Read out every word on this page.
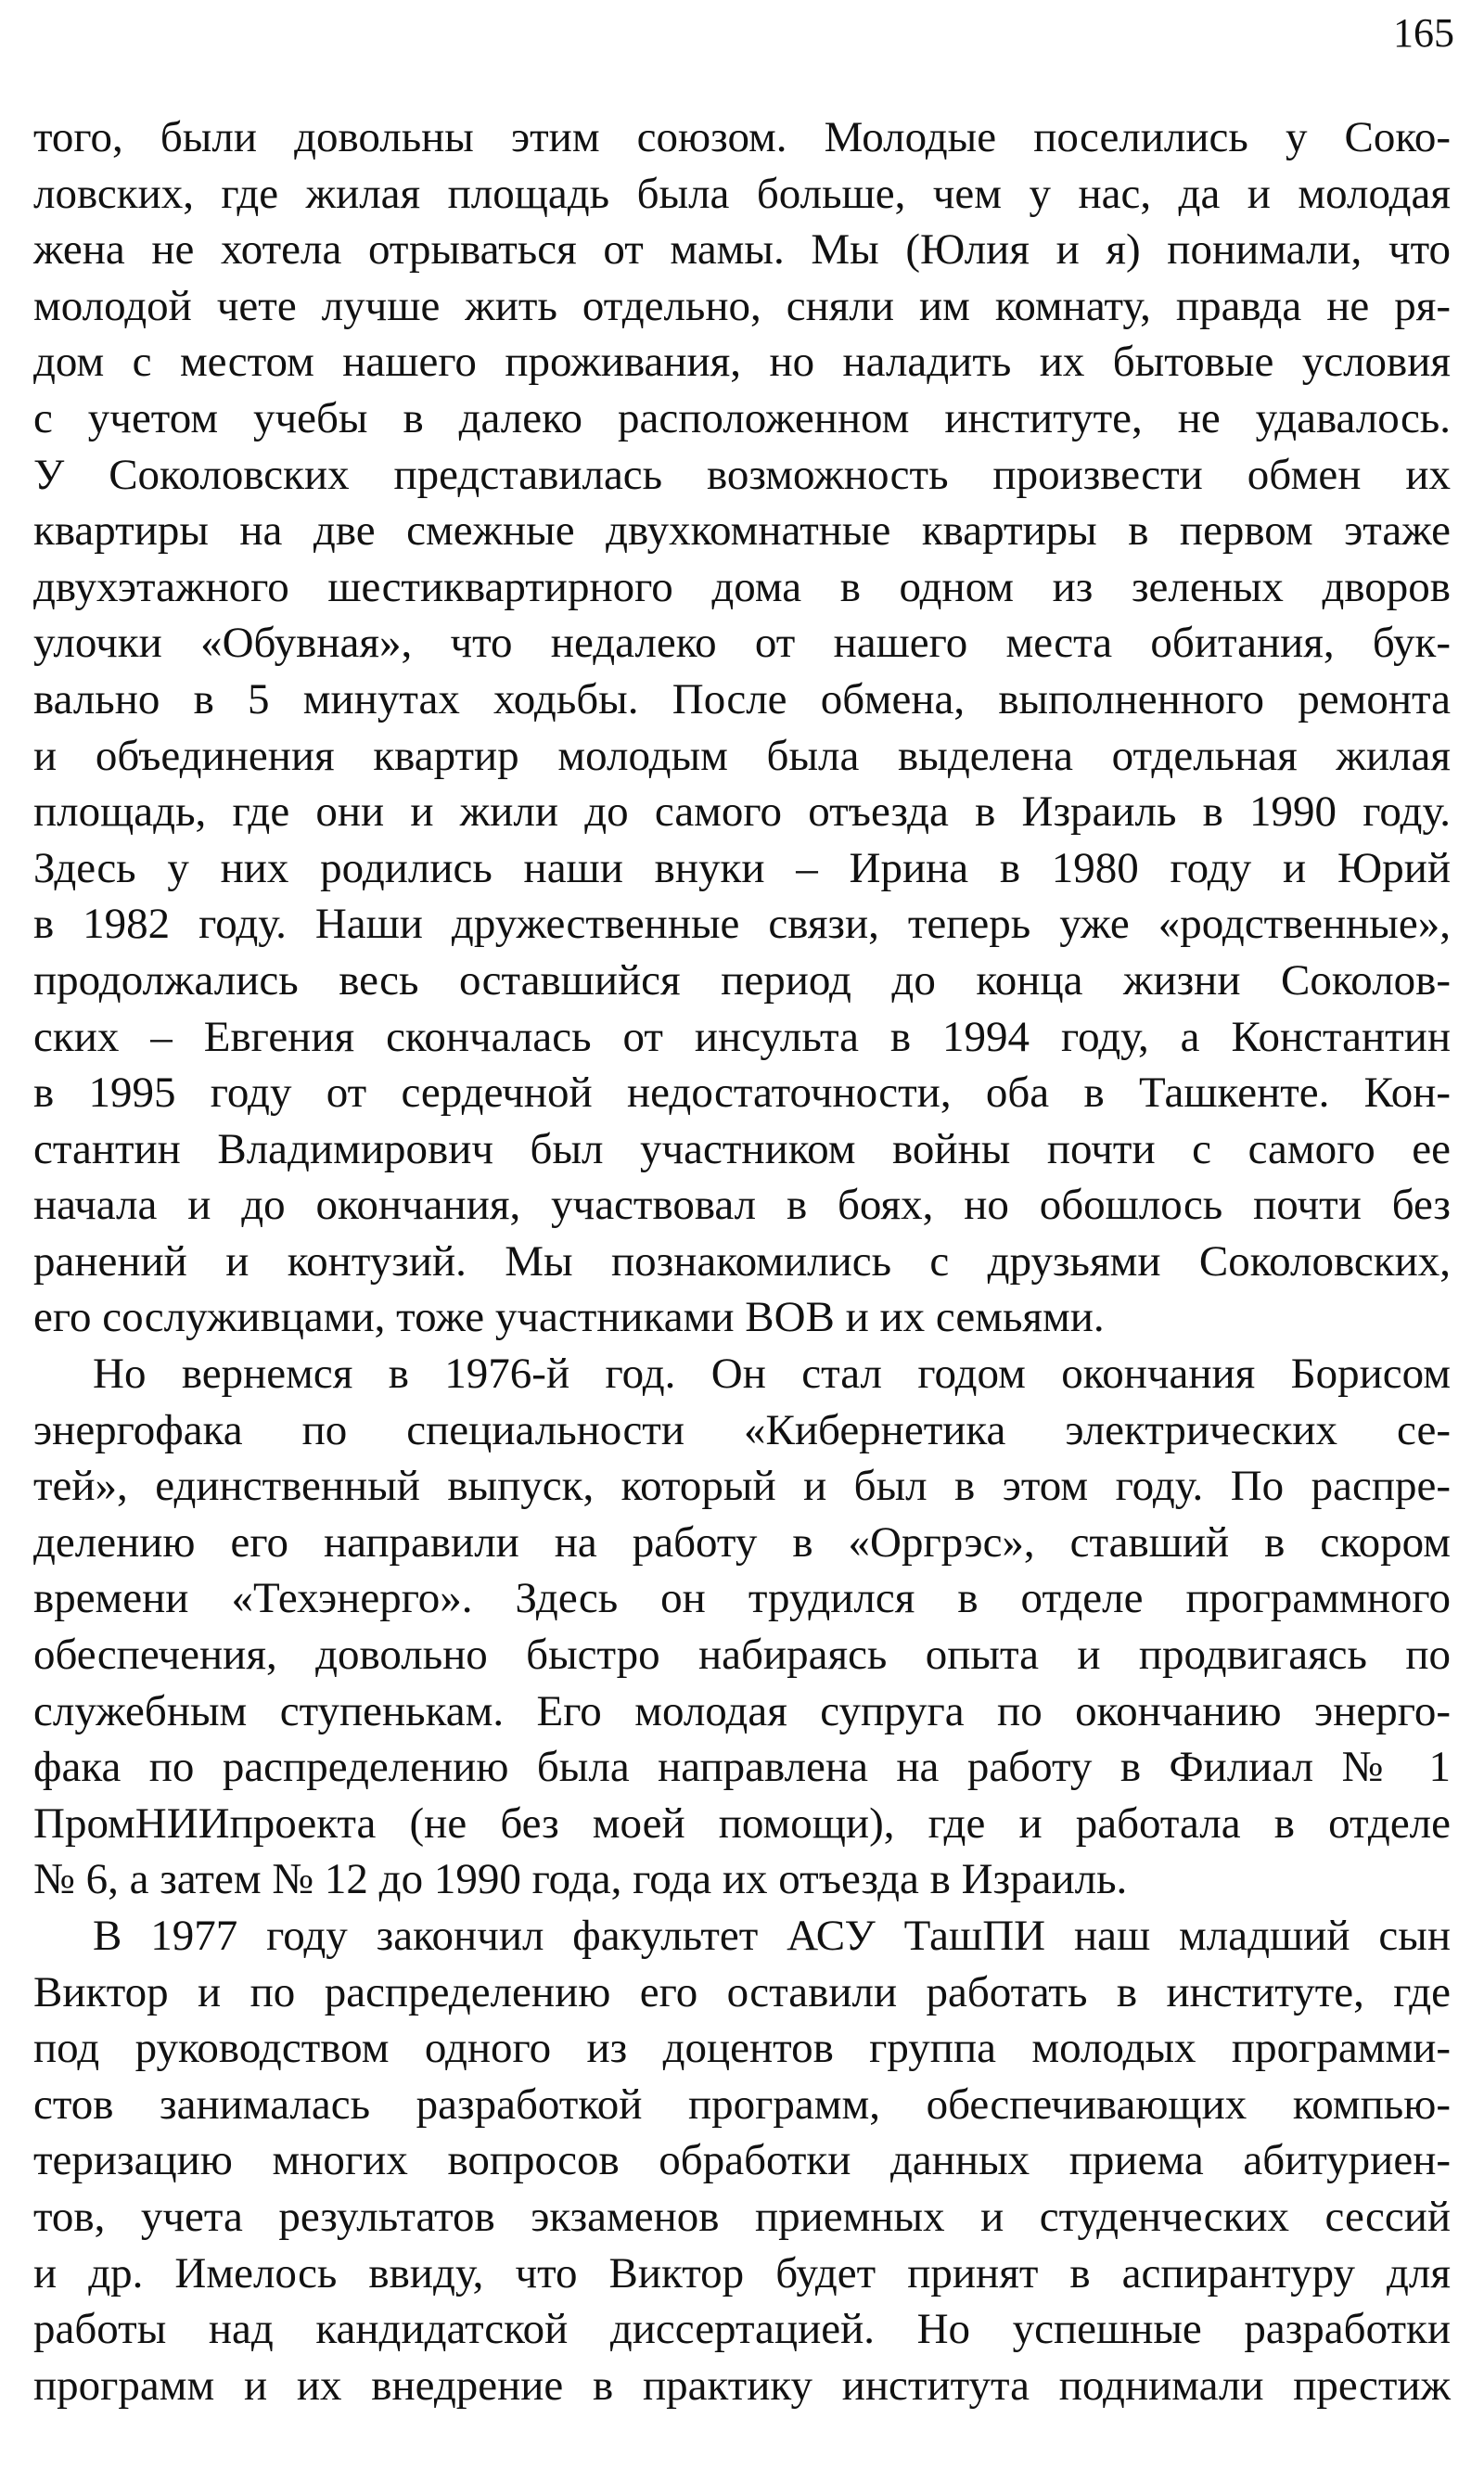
165
того, были довольны этим союзом. Молодые поселились у Соко-
ловских, где жилая площадь была больше, чем у нас, да и молодая
жена не хотела отрываться от мамы. Мы (Юлия и я) понимали, что
молодой чете лучше жить отдельно, сняли им комнату, правда не ря-
дом с местом нашего проживания, но наладить их бытовые условия
с учетом учебы в далеко расположенном институте, не удавалось.
У Соколовских представилась возможность произвести обмен их
квартиры на две смежные двухкомнатные квартиры в первом этаже
двухэтажного шестиквартирного дома в одном из зеленых дворов
улочки «Обувная», что недалеко от нашего места обитания, бук-
вально в 5 минутах ходьбы. После обмена, выполненного ремонта
и объединения квартир молодым была выделена отдельная жилая
площадь, где они и жили до самого отъезда в Израиль в 1990 году.
Здесь у них родились наши внуки – Ирина в 1980 году и Юрий
в 1982 году. Наши дружественные связи, теперь уже «родственные»,
продолжались весь оставшийся период до конца жизни Соколов-
ских – Евгения скончалась от инсульта в 1994 году, а Константин
в 1995 году от сердечной недостаточности, оба в Ташкенте. Кон-
стантин Владимирович был участником войны почти с самого ее
начала и до окончания, участвовал в боях, но обошлось почти без
ранений и контузий. Мы познакомились с друзьями Соколовских,
его сослуживцами, тоже участниками ВОВ и их семьями.
Но вернемся в 1976-й год. Он стал годом окончания Борисом
энергофака по специальности «Кибернетика электрических се-
тей», единственный выпуск, который и был в этом году. По распре-
делению его направили на работу в «Оргрэс», ставший в скором
времени «Техэнерго». Здесь он трудился в отделе программного
обеспечения, довольно быстро набираясь опыта и продвигаясь по
служебным ступенькам. Его молодая супруга по окончанию энерго-
фака по распределению была направлена на работу в Филиал № 1
ПромНИИпроекта (не без моей помощи), где и работала в отделе
№ 6, а затем № 12 до 1990 года, года их отъезда в Израиль.
В 1977 году закончил факультет АСУ ТашПИ наш младший сын
Виктор и по распределению его оставили работать в институте, где
под руководством одного из доцентов группа молодых программи-
стов занималась разработкой программ, обеспечивающих компью-
теризацию многих вопросов обработки данных приема абитуриен-
тов, учета результатов экзаменов приемных и студенческих сессий
и др. Имелось ввиду, что Виктор будет принят в аспирантуру для
работы над кандидатской диссертацией. Но успешные разработки
программ и их внедрение в практику института поднимали престиж
